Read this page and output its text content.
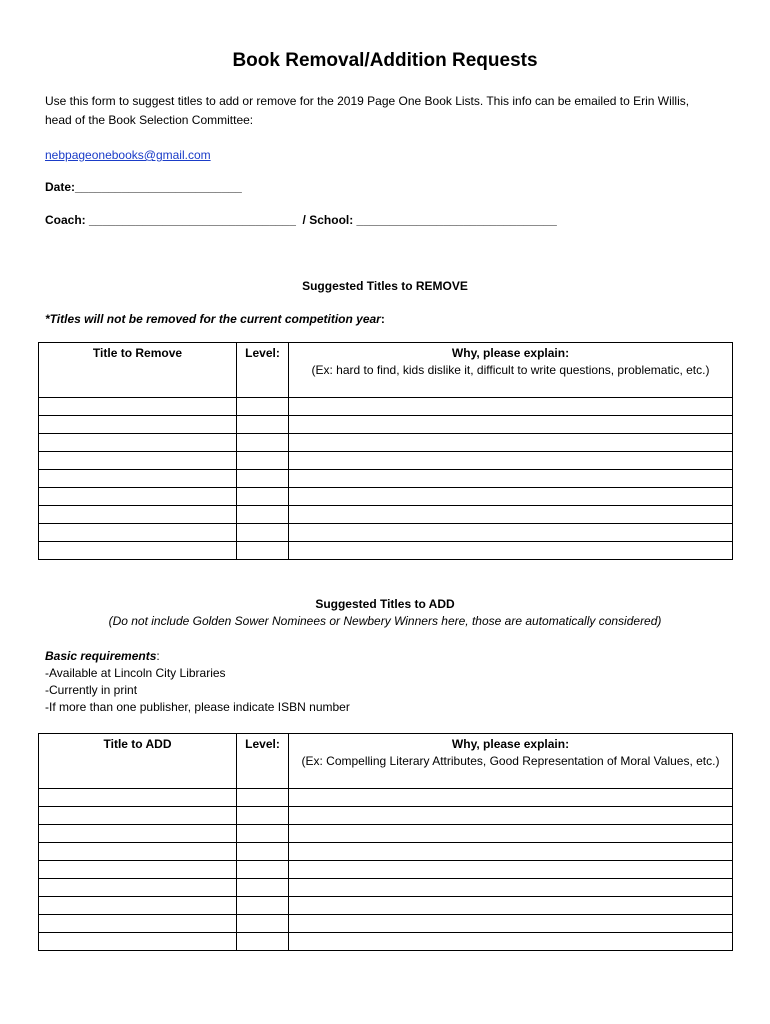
Book Removal/Addition Requests
Use this form to suggest titles to add or remove for the 2019 Page One Book Lists. This info can be emailed to Erin Willis, head of the Book Selection Committee:
nebpageonebooks@gmail.com
Date:_________________________
Coach: _______________________________  / School: ______________________________
Suggested Titles to REMOVE
*Titles will not be removed for the current competition year:
Title to Remove	Level:	Why, please explain:
(Ex: hard to find, kids dislike it, difficult to write questions, problematic, etc.)

Suggested Titles to ADD
(Do not include Golden Sower Nominees or Newbery Winners here, those are automatically considered)
Basic requirements:
-Available at Lincoln City Libraries
-Currently in print
-If more than one publisher, please indicate ISBN number
Title to ADD	Level:	Why, please explain:
(Ex: Compelling Literary Attributes, Good Representation of Moral Values, etc.)
